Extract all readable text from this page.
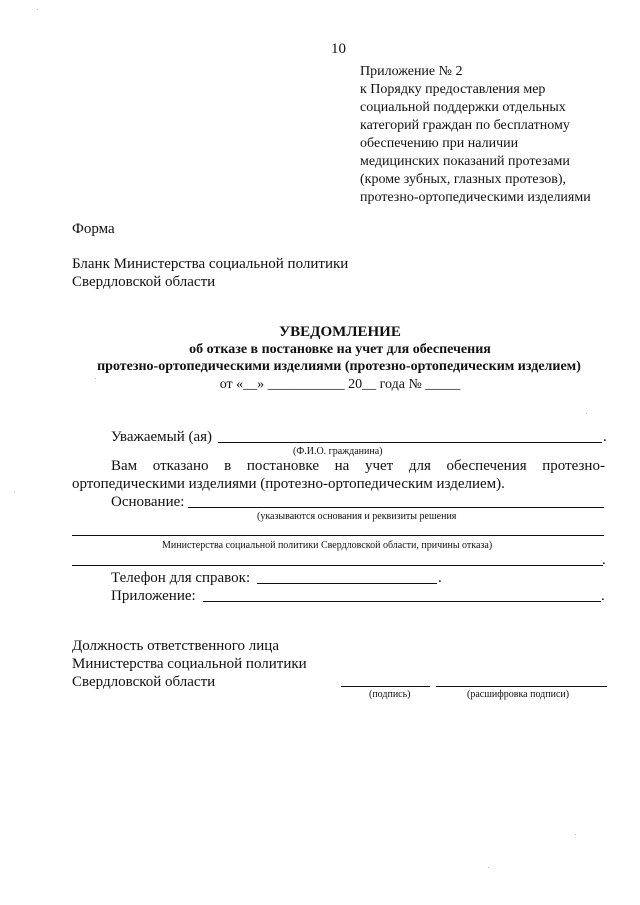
10
Приложение № 2
к Порядку предоставления мер
социальной поддержки отдельных
категорий граждан по бесплатному
обеспечению при наличии
медицинских показаний протезами
(кроме зубных, глазных протезов),
протезно-ортопедическими изделиями
Форма
Бланк Министерства социальной политики
Свердловской области
УВЕДОМЛЕНИЕ
об отказе в постановке на учет для обеспечения
протезно-ортопедическими изделиями (протезно-ортопедическим изделием)
от «__» ___________ 20__ года № _____
Уважаемый (ая)	.
(Ф.И.О. гражданина)
Вам отказано в постановке на учет для обеспечения протезно-
ортопедическими изделиями (протезно-ортопедическим изделием).
Основание:
(указываются основания и реквизиты решения
Министерства социальной политики Свердловской области, причины отказа)
.
Телефон для справок:	.
Приложение:	.
Должность ответственного лица
Министерства социальной политики
Свердловской области
(подпись)	(расшифровка подписи)
